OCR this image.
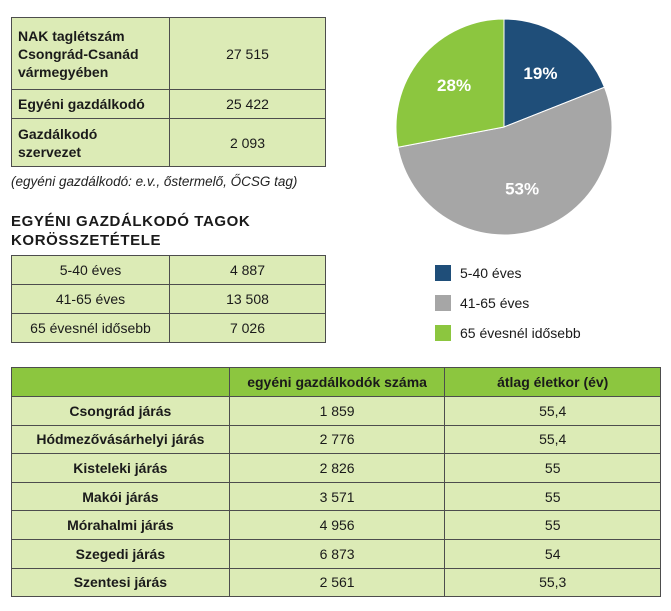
NAK taglétszám Csongrád-Csanád vármegyében	27 515
Egyéni gazdálkodó	25 422
Gazdálkodó szervezet	2 093
(egyéni gazdálkodó: e.v., őstermelő, ŐCSG tag)
EGYÉNI GAZDÁLKODÓ TAGOK KORÖSSZETÉTELE
5-40 éves	4 887
41-65 éves	13 508
65 évesnél idősebb	7 026
19%
53%
28%
5-40 éves
41-65 éves
65 évesnél idősebb
	egyéni gazdálkodók száma	átlag életkor (év)
Csongrád járás	1 859	55,4
Hódmezővásárhelyi járás	2 776	55,4
Kisteleki járás	2 826	55
Makói járás	3 571	55
Mórahalmi járás	4 956	55
Szegedi járás	6 873	54
Szentesi járás	2 561	55,3
